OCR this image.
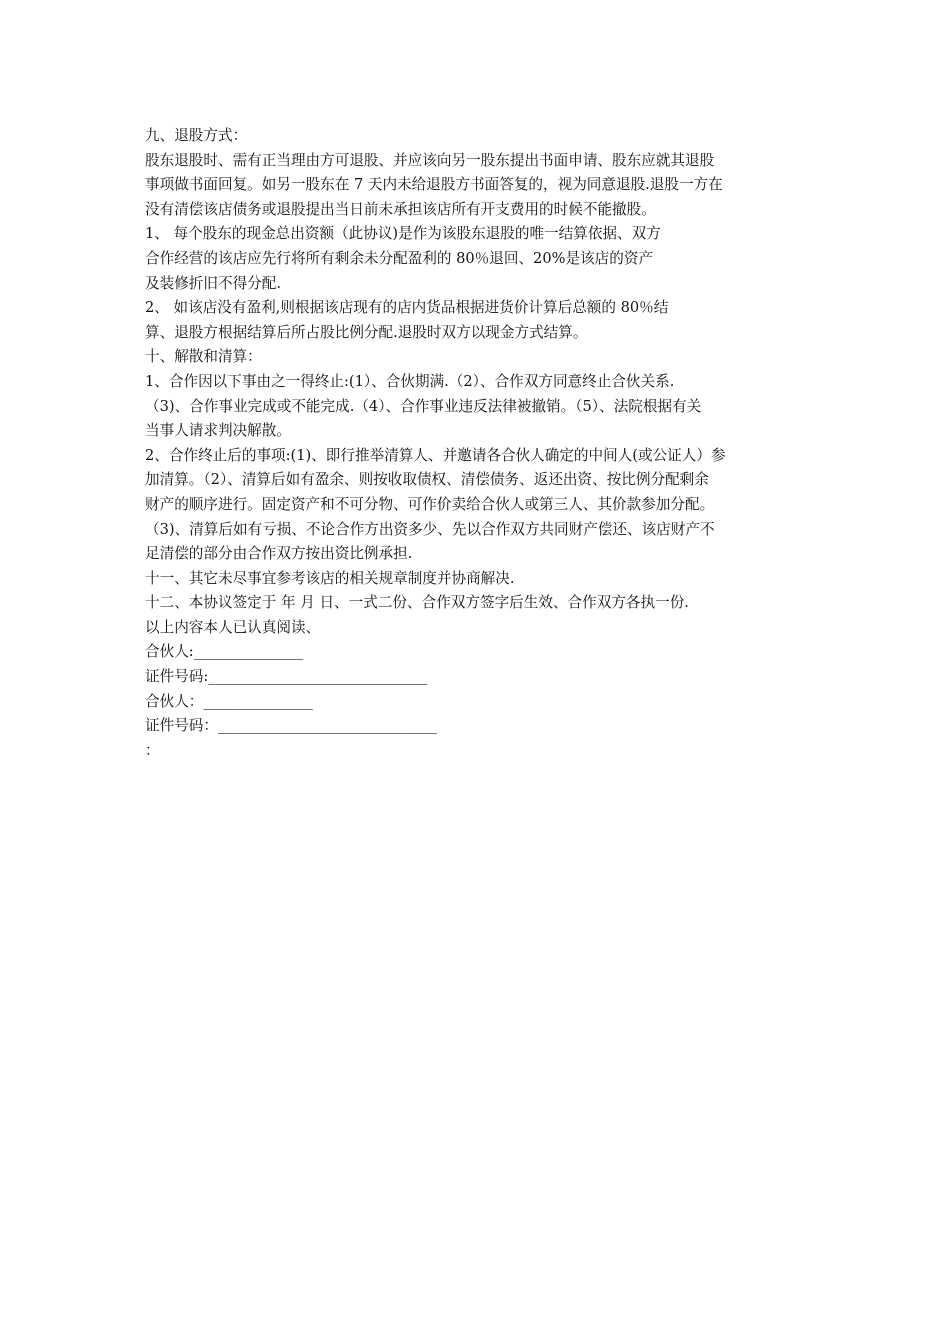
九、退股方式：
股东退股时、需有正当理由方可退股、并应该向另一股东提出书面申请、股东应就其退股
事项做书面回复。如另一股东在 7 天内未给退股方书面答复的，视为同意退股.退股一方在
没有清偿该店债务或退股提出当日前未承担该店所有开支费用的时候不能撤股。
1、 每个股东的现金总出资额（此协议)是作为该股东退股的唯一结算依据、双方
合作经营的该店应先行将所有剩余未分配盈利的 80％退回、20%是该店的资产
及装修折旧不得分配.
2、 如该店没有盈利,则根据该店现有的店内货品根据进货价计算后总额的 80％结
算、退股方根据结算后所占股比例分配.退股时双方以现金方式结算。
十、解散和清算：
1、合作因以下事由之一得终止:(1）、合伙期满.（2）、合作双方同意终止合伙关系.
（3)、合作事业完成或不能完成.（4）、合作事业违反法律被撤销。（5）、法院根据有关
当事人请求判决解散。
2、合作终止后的事项:(1)、即行推举清算人、并邀请各合伙人确定的中间人(或公证人）参
加清算。（2）、清算后如有盈余、则按收取债权、清偿债务、返还出资、按比例分配剩余
财产的顺序进行。固定资产和不可分物、可作价卖给合伙人或第三人、其价款参加分配。
（3)、清算后如有亏损、不论合作方出资多少、先以合作双方共同财产偿还、该店财产不
足清偿的部分由合作双方按出资比例承担.
十一、其它未尽事宜参考该店的相关规章制度并协商解决.
十二、本协议签定于 年 月 日、一式二份、合作双方签字后生效、合作双方各执一份.
以上内容本人已认真阅读、
合伙人:_______________
证件号码:______________________________
合伙人：_______________
证件号码：______________________________
：
